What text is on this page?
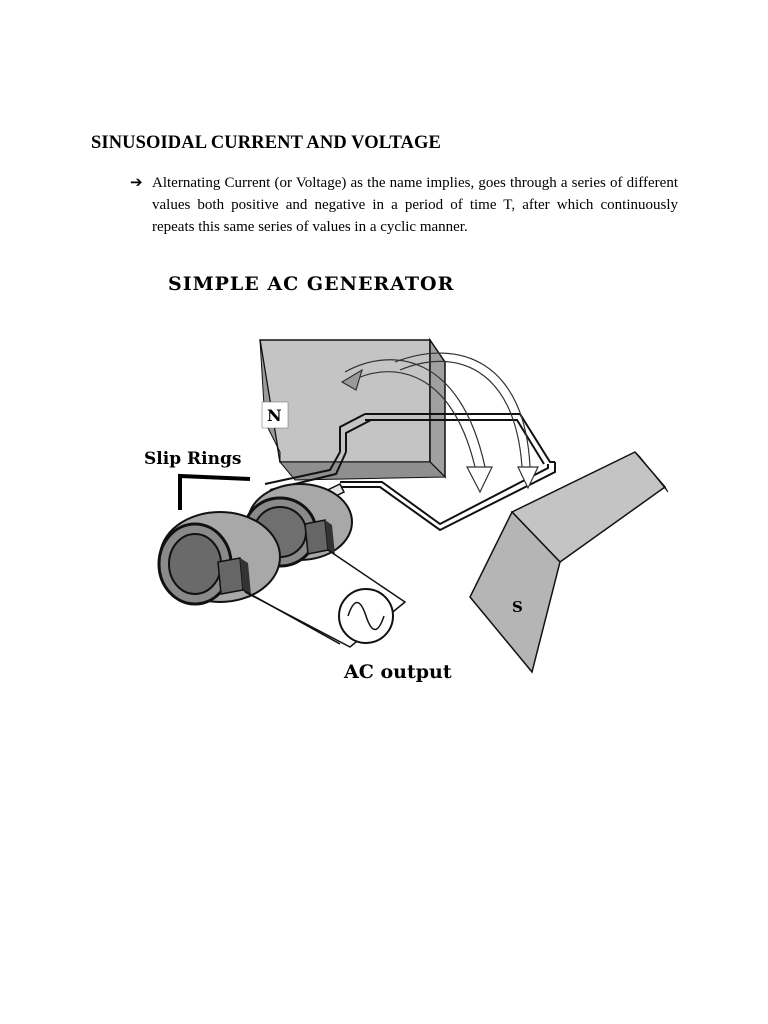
SINUSOIDAL CURRENT AND VOLTAGE
➔ Alternating Current (or Voltage) as the name implies, goes through a series of different values both positive and negative in a period of time T, after which continuously repeats this same series of values in a cyclic manner.

SIMPLE AC GENERATOR
N
S
Slip Rings
AC output
